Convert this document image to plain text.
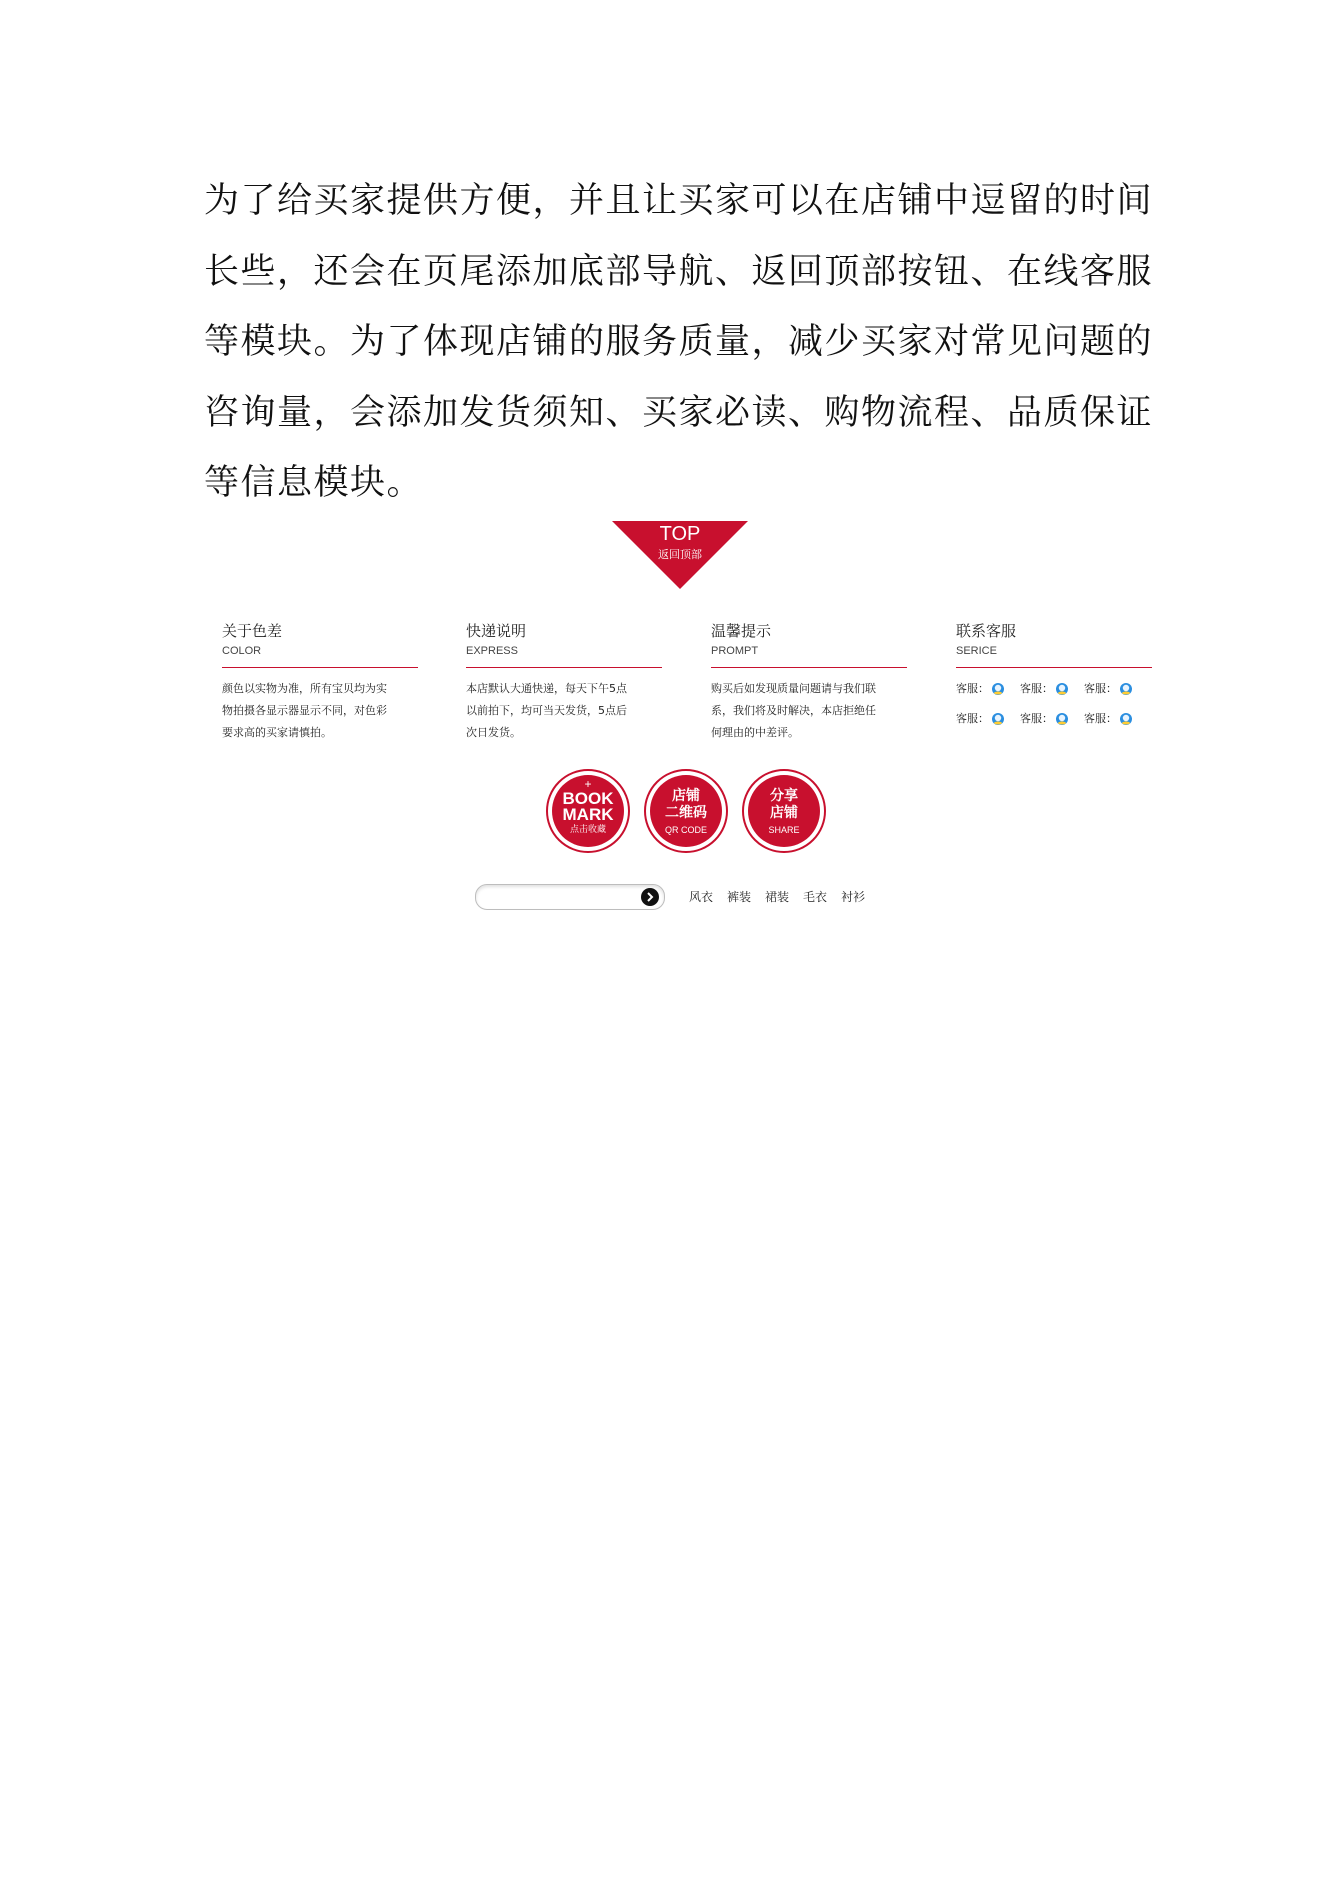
为了给买家提供方便，并且让买家可以在店铺中逗留的时间
长些，还会在页尾添加底部导航、返回顶部按钮、在线客服
等模块。为了体现店铺的服务质量，减少买家对常见问题的
咨询量，会添加发货须知、买家必读、购物流程、品质保证
等信息模块。
TOP
返回顶部
关于色差
COLOR
颜色以实物为准，所有宝贝均为实
物拍摄各显示器显示不同，对色彩
要求高的买家请慎拍。
快递说明
EXPRESS
本店默认大通快递，每天下午5点
以前拍下，均可当天发货，5点后
次日发货。
温馨提示
PROMPT
购买后如发现质量问题请与我们联
系，我们将及时解决，本店拒绝任
何理由的中差评。
联系客服
SERICE
客服：	客服：	客服：
客服：	客服：	客服：
+
BOOK
MARK
点击收藏
店铺
二维码
QR CODE
分享
店铺
SHARE
风衣 裤装 裙装 毛衣 衬衫
